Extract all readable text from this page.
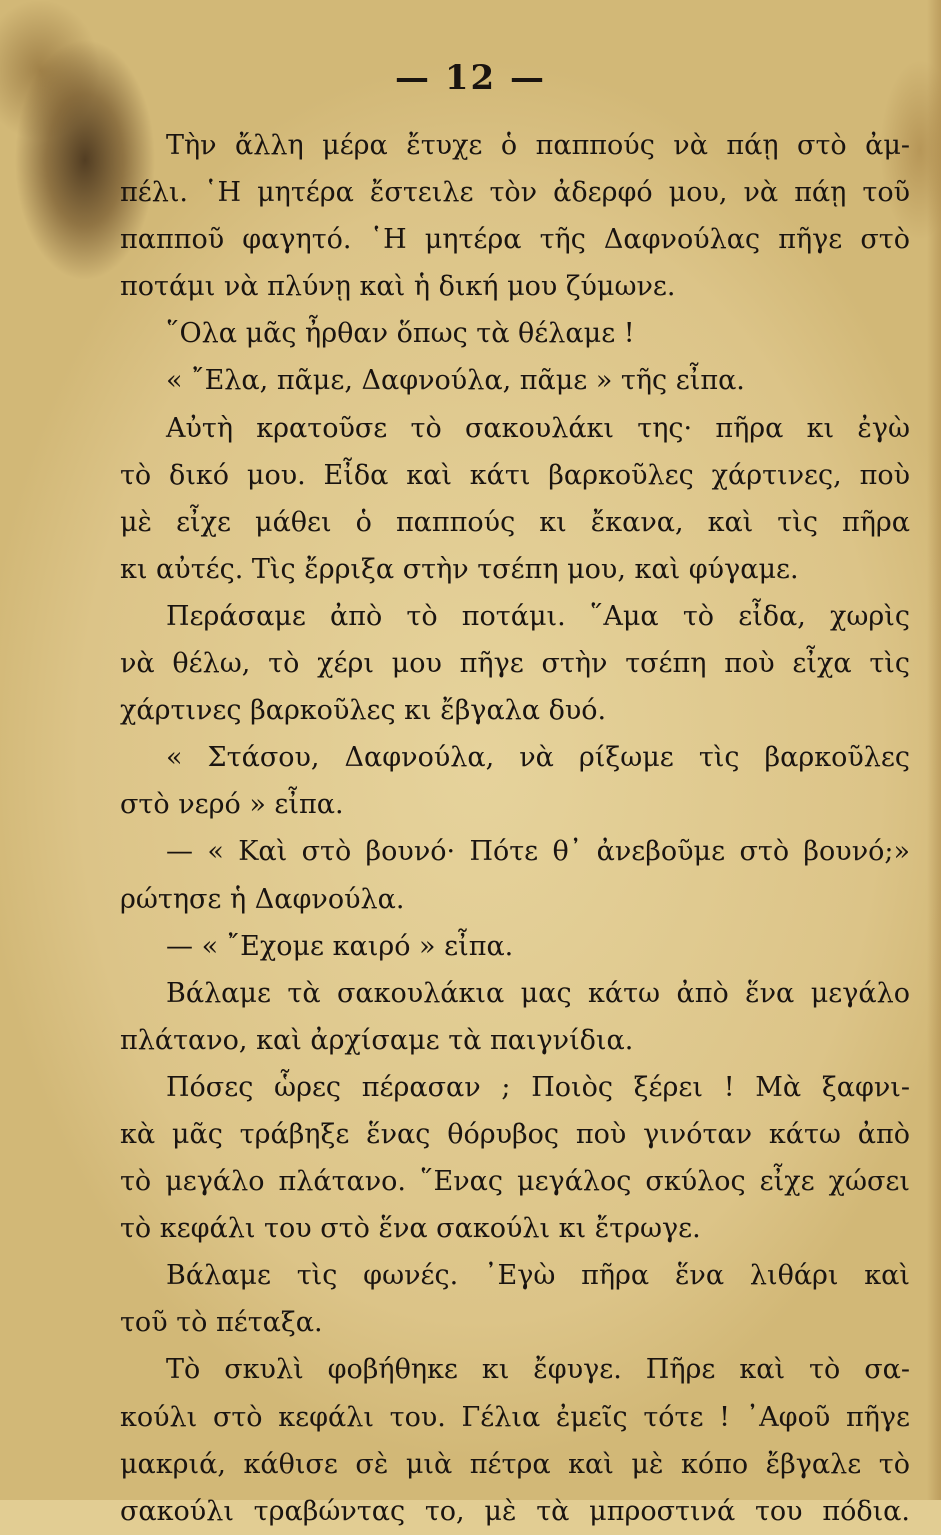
— 12 —
Τὴν ἄλλη μέρα ἔτυχε ὁ παππούς νὰ πάῃ στὸ ἀμ-
πέλι. ῾Η μητέρα ἔστειλε τὸν ἀδερφό μου, νὰ πάῃ τοῦ
παπποῦ φαγητό. ῾Η μητέρα τῆς Δαφνούλας πῆγε στὸ
ποτάμι νὰ πλύνῃ καὶ ἡ δική μου ζύμωνε.
῞Ολα μᾶς ἦρθαν ὅπως τὰ θέλαμε !
« ῎Ελα, πᾶμε, Δαφνούλα, πᾶμε » τῆς εἶπα.
Αὐτὴ κρατοῦσε τὸ σακουλάκι της· πῆρα κι ἐγὼ
τὸ δικό μου. Εἶδα καὶ κάτι βαρκοῦλες χάρτινες, ποὺ
μὲ εἶχε μάθει ὁ παππούς κι ἔκανα, καὶ τὶς πῆρα
κι αὐτές. Τὶς ἔρριξα στὴν τσέπη μου, καὶ φύγαμε.
Περάσαμε ἀπὸ τὸ ποτάμι. ῞Αμα τὸ εἶδα, χωρὶς
νὰ θέλω, τὸ χέρι μου πῆγε στὴν τσέπη ποὺ εἶχα τὶς
χάρτινες βαρκοῦλες κι ἔβγαλα δυό.
« Στάσου, Δαφνούλα, νὰ ρίξωμε τὶς βαρκοῦλες
στὸ νερό » εἶπα.
— « Καὶ στὸ βουνό· Πότε θ᾿ ἀνεβοῦμε στὸ βουνό;»
ρώτησε ἡ Δαφνούλα.
— « ῎Εχομε καιρό » εἶπα.
Βάλαμε τὰ σακουλάκια μας κάτω ἀπὸ ἕνα μεγάλο
πλάτανο, καὶ ἀρχίσαμε τὰ παιγνίδια.
Πόσες ὧρες πέρασαν ; Ποιὸς ξέρει ! Μὰ ξαφνι-
κὰ μᾶς τράβηξε ἕνας θόρυβος ποὺ γινόταν κάτω ἀπὸ
τὸ μεγάλο πλάτανο. ῞Ενας μεγάλος σκύλος εἶχε χώσει
τὸ κεφάλι του στὸ ἕνα σακούλι κι ἔτρωγε.
Βάλαμε τὶς φωνές. ᾿Εγὼ πῆρα ἕνα λιθάρι καὶ
τοῦ τὸ πέταξα.
Τὸ σκυλὶ φοβήθηκε κι ἔφυγε. Πῆρε καὶ τὸ σα-
κούλι στὸ κεφάλι του. Γέλια ἐμεῖς τότε ! ᾿Αφοῦ πῆγε
μακριά, κάθισε σὲ μιὰ πέτρα καὶ μὲ κόπο ἔβγαλε τὸ
σακούλι τραβώντας το, μὲ τὰ μπροστινά του πόδια.
